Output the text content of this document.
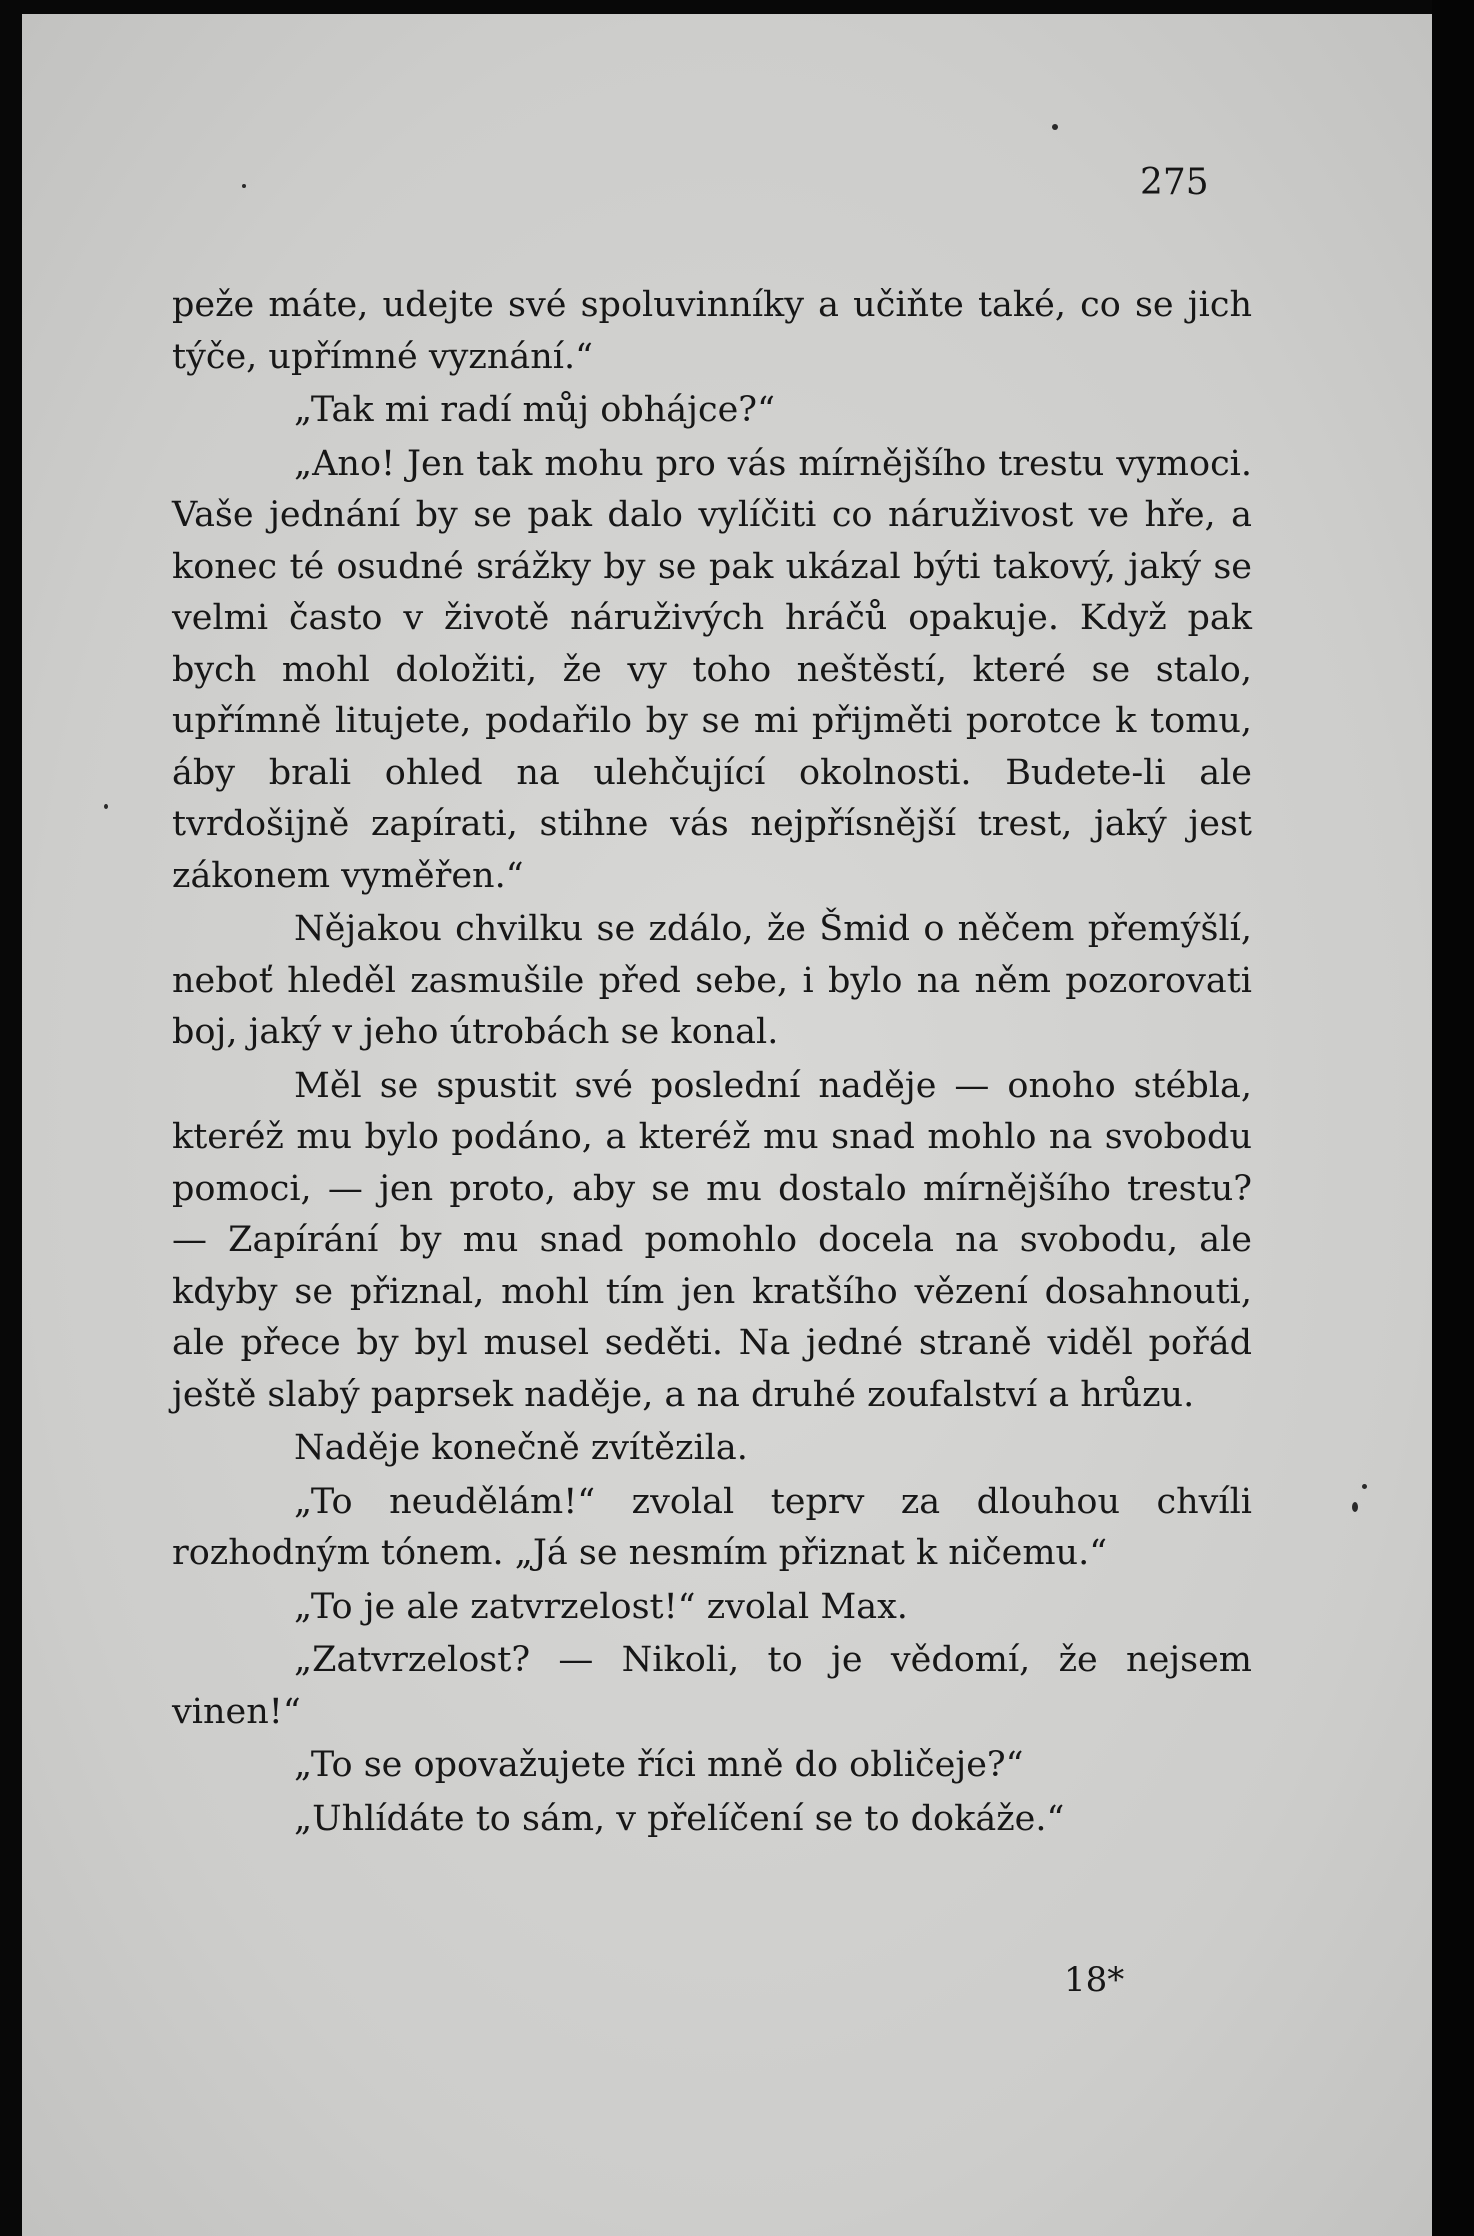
275

peže máte, udejte své spoluvinníky a učiňte také, co se jich týče, upřímné vyznání.“

„Tak mi radí můj obhájce?“

„Ano! Jen tak mohu pro vás mírnějšího trestu vymoci. Vaše jednání by se pak dalo vylíčiti co náruživost ve hře, a konec té osudné srážky by se pak ukázal býti takový, jaký se velmi často v životě náruživých hráčů opakuje. Když pak bych mohl doložiti, že vy toho neštěstí, které se stalo, upřímně litujete, podařilo by se mi přijměti porotce k tomu, áby brali ohled na ulehčující okolnosti. Budete-li ale tvrdošijně zapírati, stihne vás nejpřísnější trest, jaký jest zákonem vyměřen.“

Nějakou chvilku se zdálo, že Šmid o něčem přemýšlí, neboť hleděl zasmušile před sebe, i bylo na něm pozorovati boj, jaký v jeho útrobách se konal.

Měl se spustit své poslední naděje — onoho stébla, kteréž mu bylo podáno, a kteréž mu snad mohlo na svobodu pomoci, — jen proto, aby se mu dostalo mírnějšího trestu? — Zapírání by mu snad pomohlo docela na svobodu, ale kdyby se přiznal, mohl tím jen kratšího vězení dosahnouti, ale přece by byl musel seděti. Na jedné straně viděl pořád ještě slabý paprsek naděje, a na druhé zoufalství a hrůzu.

Naděje konečně zvítězila.

„To neudělám!“ zvolal teprv za dlouhou chvíli rozhodným tónem. „Já se nesmím přiznat k ničemu.“

„To je ale zatvrzelost!“ zvolal Max.

„Zatvrzelost? — Nikoli, to je vědomí, že nejsem vinen!“

„To se opovažujete říci mně do obličeje?“

„Uhlídáte to sám, v přelíčení se to dokáže.“

18*
